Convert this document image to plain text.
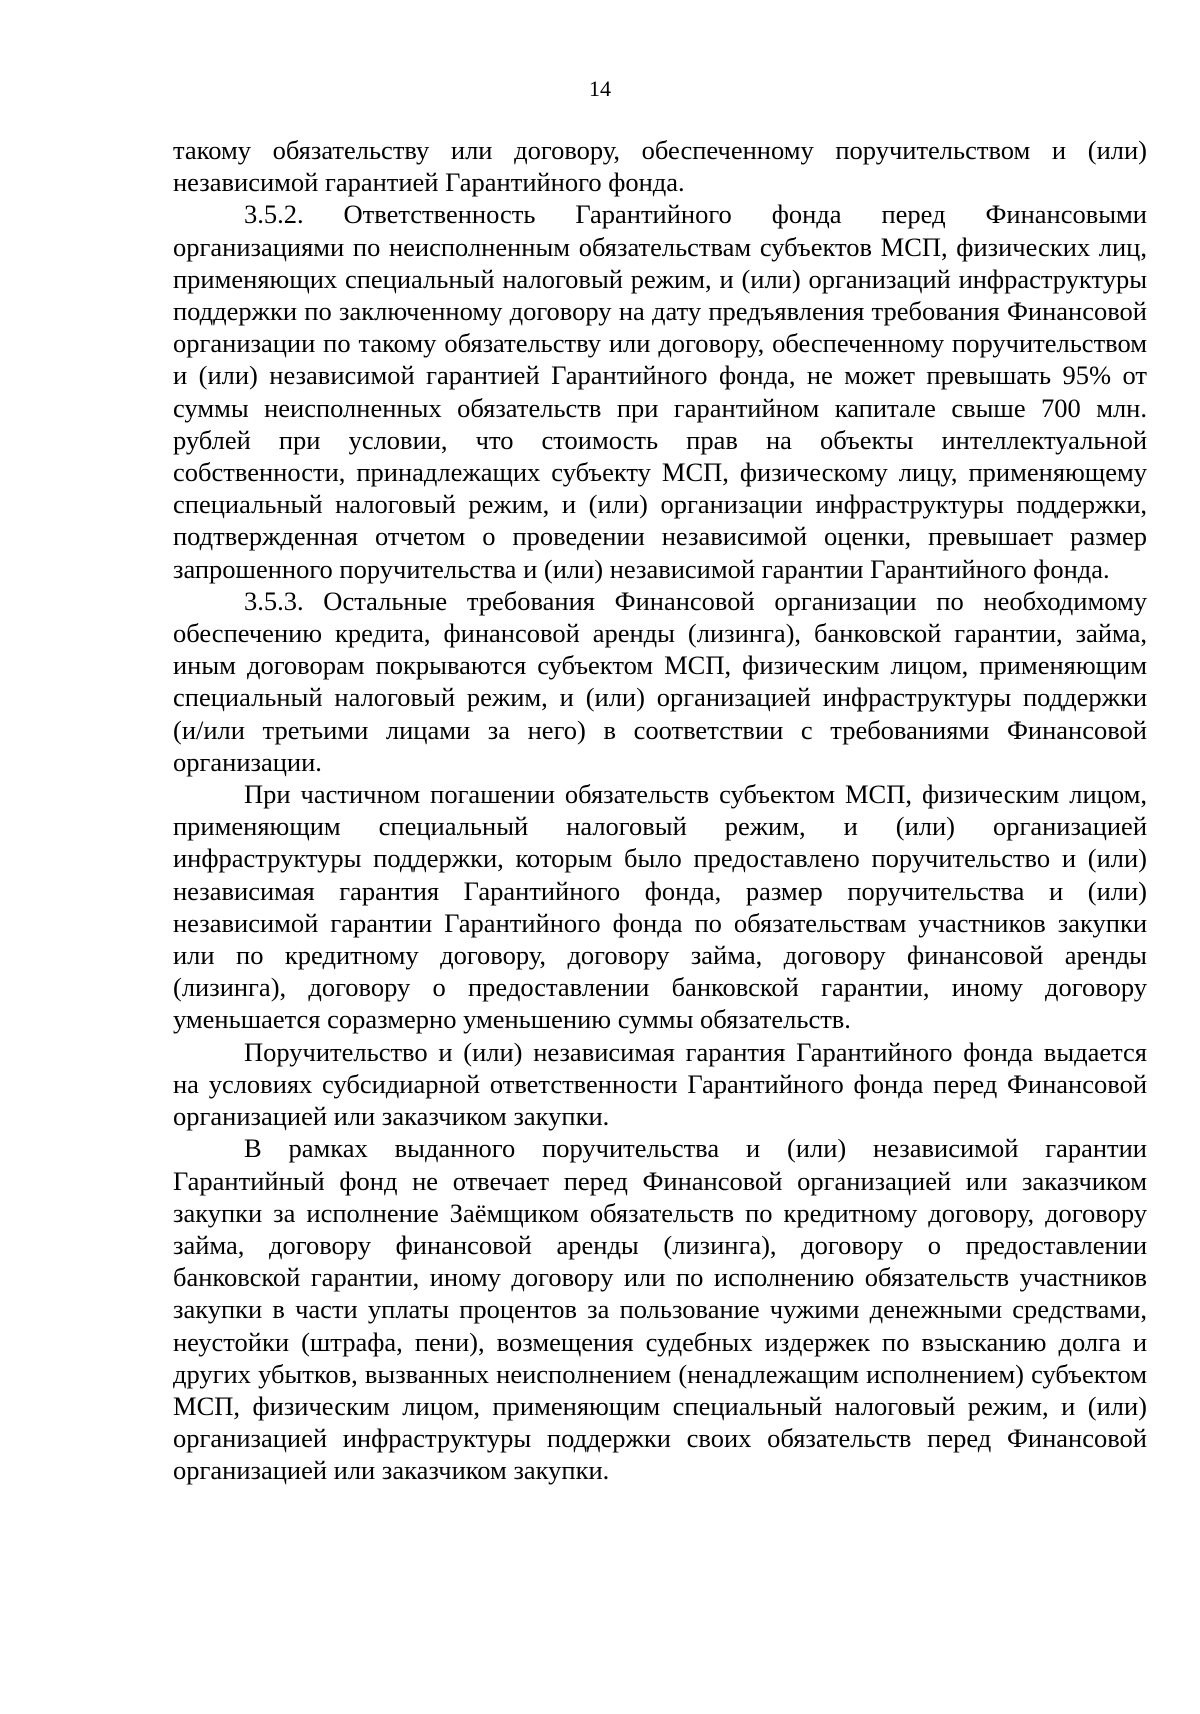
14

такому обязательству или договору, обеспеченному поручительством и (или) независимой гарантией Гарантийного фонда.

3.5.2. Ответственность Гарантийного фонда перед Финансовыми организациями по неисполненным обязательствам субъектов МСП, физических лиц, применяющих специальный налоговый режим, и (или) организаций инфраструктуры поддержки по заключенному договору на дату предъявления требования Финансовой организации по такому обязательству или договору, обеспеченному поручительством и (или) независимой гарантией Гарантийного фонда, не может превышать 95% от суммы неисполненных обязательств при гарантийном капитале свыше 700 млн. рублей при условии, что стоимость прав на объекты интеллектуальной собственности, принадлежащих субъекту МСП, физическому лицу, применяющему специальный налоговый режим, и (или) организации инфраструктуры поддержки, подтвержденная отчетом о проведении независимой оценки, превышает размер запрошенного поручительства и (или) независимой гарантии Гарантийного фонда.

3.5.3. Остальные требования Финансовой организации по необходимому обеспечению кредита, финансовой аренды (лизинга), банковской гарантии, займа, иным договорам покрываются субъектом МСП, физическим лицом, применяющим специальный налоговый режим, и (или) организацией инфраструктуры поддержки (и/или третьими лицами за него) в соответствии с требованиями Финансовой организации.

При частичном погашении обязательств субъектом МСП, физическим лицом, применяющим специальный налоговый режим, и (или) организацией инфраструктуры поддержки, которым было предоставлено поручительство и (или) независимая гарантия Гарантийного фонда, размер поручительства и (или) независимой гарантии Гарантийного фонда по обязательствам участников закупки или по кредитному договору, договору займа, договору финансовой аренды (лизинга), договору о предоставлении банковской гарантии, иному договору уменьшается соразмерно уменьшению суммы обязательств.

Поручительство и (или) независимая гарантия Гарантийного фонда выдается на условиях субсидиарной ответственности Гарантийного фонда перед Финансовой организацией или заказчиком закупки.

В рамках выданного поручительства и (или) независимой гарантии Гарантийный фонд не отвечает перед Финансовой организацией или заказчиком закупки за исполнение Заёмщиком обязательств по кредитному договору, договору займа, договору финансовой аренды (лизинга), договору о предоставлении банковской гарантии, иному договору или по исполнению обязательств участников закупки в части уплаты процентов за пользование чужими денежными средствами, неустойки (штрафа, пени), возмещения судебных издержек по взысканию долга и других убытков, вызванных неисполнением (ненадлежащим исполнением) субъектом МСП, физическим лицом, применяющим специальный налоговый режим, и (или) организацией инфраструктуры поддержки своих обязательств перед Финансовой организацией или заказчиком закупки.
